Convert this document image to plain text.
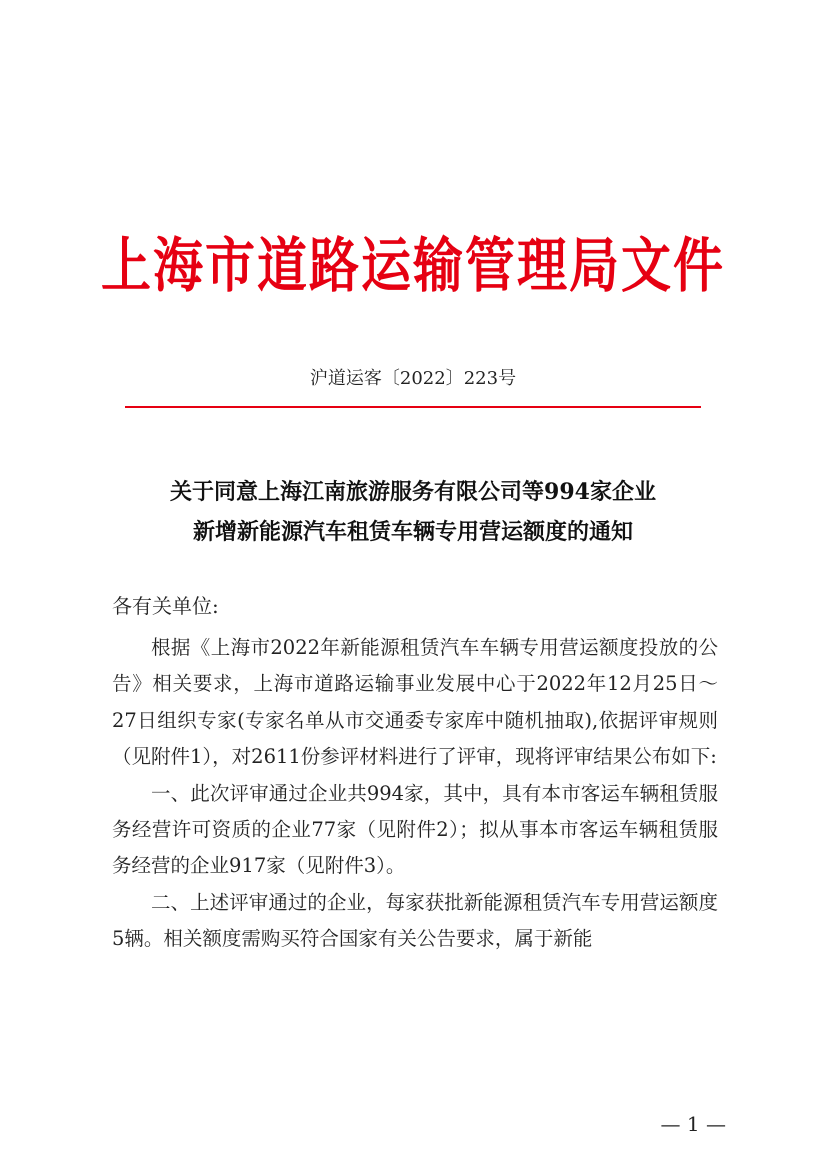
上海市道路运输管理局文件
沪道运客〔2022〕223号
关于同意上海江南旅游服务有限公司等994家企业
新增新能源汽车租赁车辆专用营运额度的通知
各有关单位:

根据《上海市2022年新能源租赁汽车车辆专用营运额度投放的公告》相关要求，上海市道路运输事业发展中心于2022年12月25日～27日组织专家(专家名单从市交通委专家库中随机抽取),依据评审规则（见附件1），对2611份参评材料进行了评审，现将评审结果公布如下:

一、此次评审通过企业共994家，其中，具有本市客运车辆租赁服务经营许可资质的企业77家（见附件2）；拟从事本市客运车辆租赁服务经营的企业917家（见附件3）。

二、上述评审通过的企业，每家获批新能源租赁汽车专用营运额度5辆。相关额度需购买符合国家有关公告要求，属于新能

— 1 —
